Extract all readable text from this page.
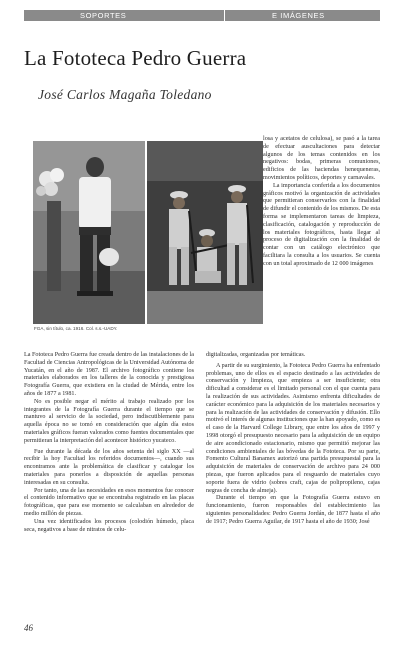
SOPORTES	E IMÁGENES
La Fototeca Pedro Guerra
José Carlos Magaña Toledano
FGA, sin título, ca. 1916. Col. s.s.-UADY.

losa y acetatos de celulosa), se pasó a la tarea de efectuar auscultaciones para detectar algunos de los temas contenidos en los negativos: bodas, primeras comuniones, edificios de las haciendas henequeneras, movimientos políticos, deportes y carnavales.

La importancia conferida a los documentos gráficos motivó la organización de actividades que permitieran conservarlos con la finalidad de difundir el contenido de los mismos. De esta forma se implementaron tareas de limpieza, clasificación, catalogación y reproducción de los materiales fotográficos, hasta llegar al proceso de digitalización con la finalidad de contar con un catálogo electrónico que facilitara la consulta a los usuarios. Se cuenta con un total aproximado de 12 000 imágenes

La Fototeca Pedro Guerra fue creada dentro de las instalaciones de la Facultad de Ciencias Antropológicas de la Universidad Autónoma de Yucatán, en el año de 1987. El archivo fotográfico contiene los materiales elaborados en los talleres de la conocida y prestigiosa Fotografía Guerra, que existiera en la ciudad de Mérida, entre los años de 1877 a 1981.

No es posible negar el mérito al trabajo realizado por los integrantes de la Fotografía Guerra durante el tiempo que se mantuvo al servicio de la sociedad, pero indiscutiblemente para aquella época no se tomó en consideración que algún día estos materiales gráficos fueran valorados como fuentes documentales que permitieran la interpretación del acontecer histórico yucateco.

Fue durante la década de los años setenta del siglo XX —al recibir la hoy Facultad los referidos documentos—, cuando sus encontramos ante la problemática de clasificar y catalogar los materiales para ponerlos a disposición de aquellas personas interesadas en su consulta.

Por tanto, una de las necesidades en esos momentos fue conocer el contenido informativo que se encontraba registrado en las placas fotográficas, que para ese momento se calculaban en alrededor de medio millón de piezas.

Una vez identificados los procesos (colodión húmedo, placa seca, negativos a base de nitratos de celu-

digitalizadas, organizadas por temáticas.

A partir de su surgimiento, la Fototeca Pedro Guerra ha enfrentado problemas, uno de ellos es el espacio destinado a las actividades de conservación y limpieza, que empieza a ser insuficiente; otra dificultad a considerar es el limitado personal con el que cuenta para la realización de sus actividades. Asimismo enfrenta dificultades de carácter económico para la adquisición de los materiales necesarios y para la realización de las actividades de conservación y difusión. Ello motivó el interés de algunas instituciones que la han apoyado, como es el caso de la Harvard College Library, que entre los años de 1997 y 1998 otorgó el presupuesto necesario para la adquisición de un equipo de aire acondicionado estacionario, mismo que permitió mejorar las condiciones ambientales de las bóvedas de la Fototeca. Por su parte, Fomento Cultural Banamex autorizó una partida presupuestal para la adquisición de materiales de conservación de archivo para 24 000 piezas, que fueron aplicados para el resguardo de materiales cuyo soporte fuera de vidrio (sobres craft, cajas de polipropileno, cajas negras de concha de almeja).

Durante el tiempo en que la Fotografía Guerra estuvo en funcionamiento, fueron responsables del establecimiento las siguientes personalidades: Pedro Guerra Jordán, de 1877 hasta el año de 1917; Pedro Guerra Aguilar, de 1917 hasta el año de 1930; José

46
